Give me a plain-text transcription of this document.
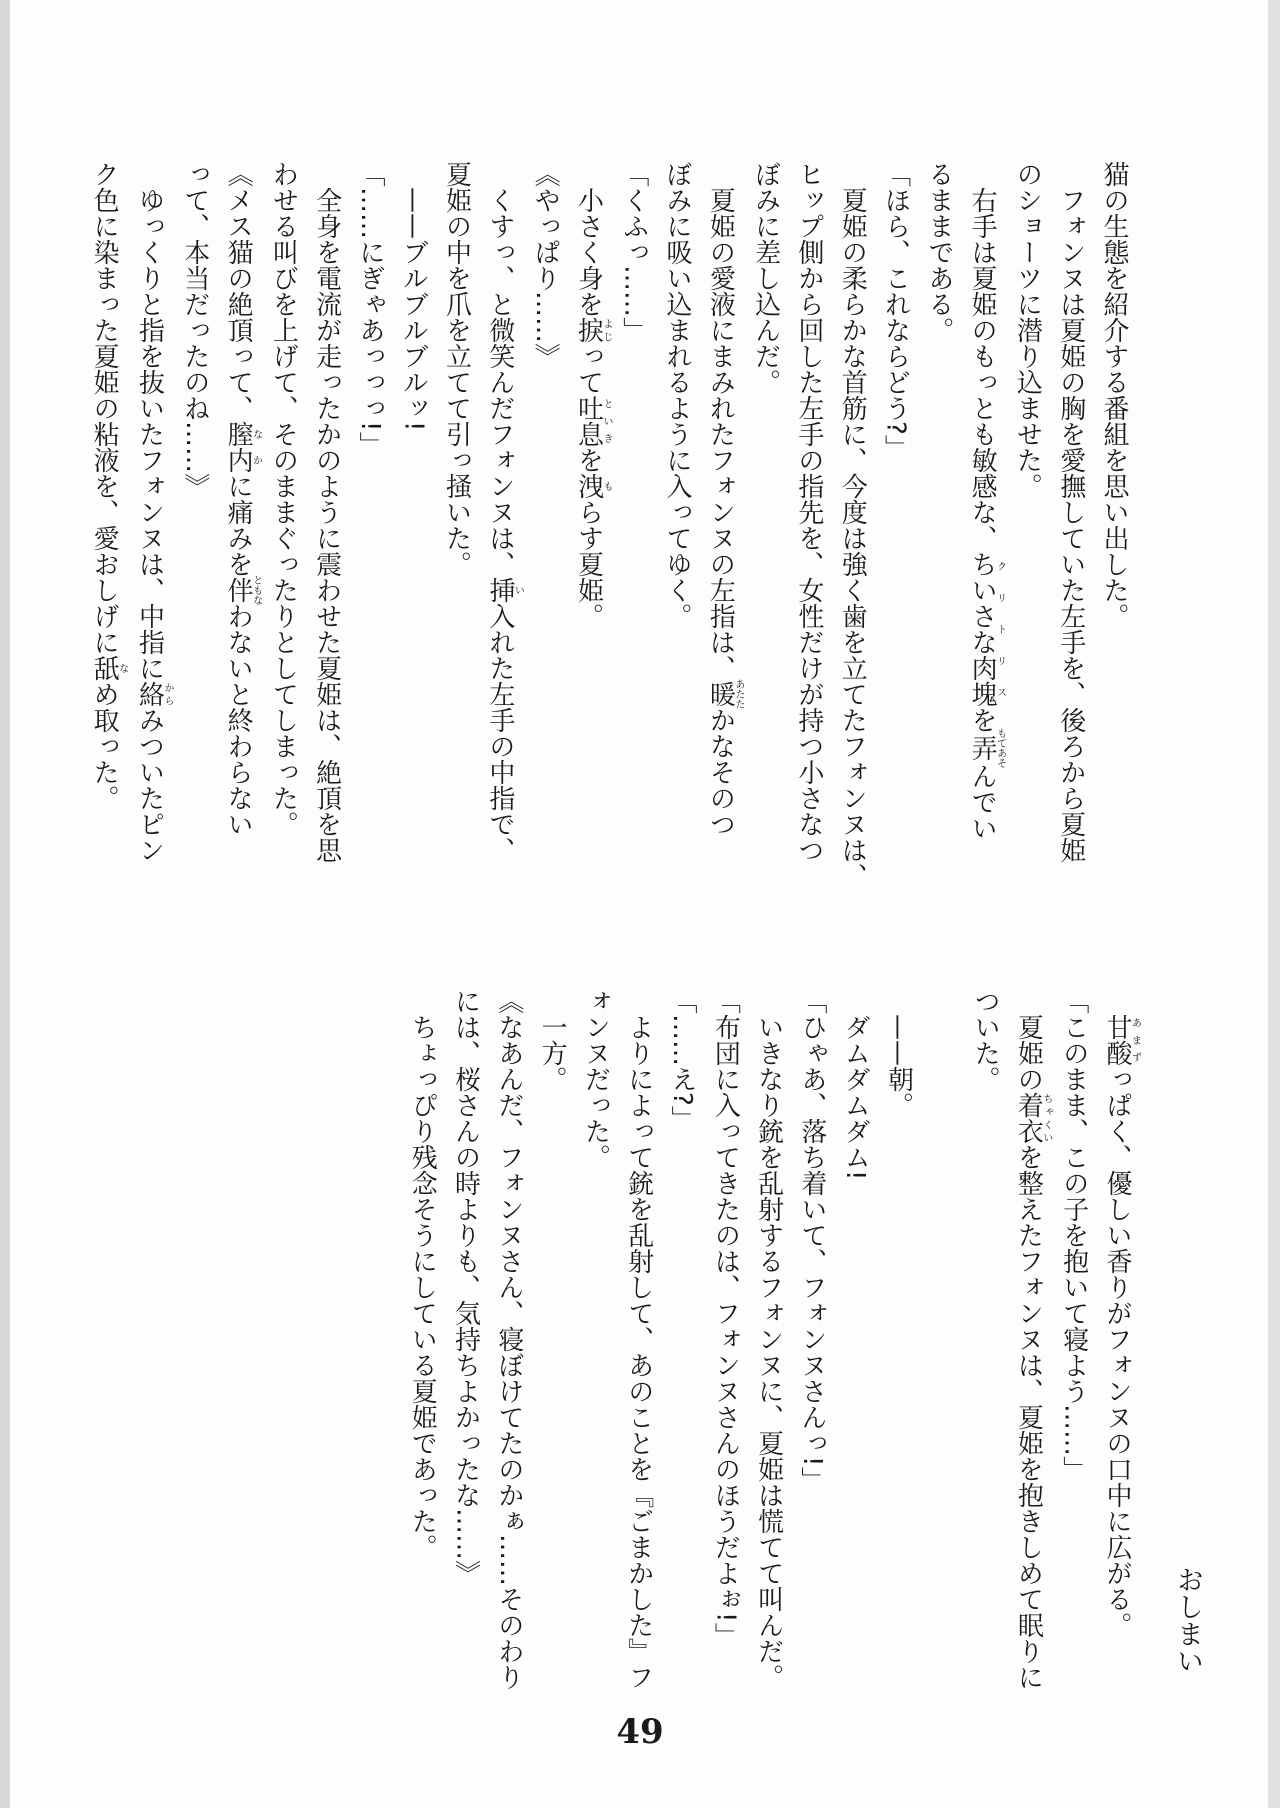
猫の生態を紹介する番組を思い出した。
　フォンヌは夏姫の胸を愛撫していた左手を、後ろから夏姫
のショーツに潜り込ませた。
　右手は夏姫のもっとも敏感な、ちいさな肉塊クリトリスを弄もてあそんでい
るままである。
「ほら、これならどう?」
　夏姫の柔らかな首筋に、今度は強く歯を立てたフォンヌは、
ヒップ側から回した左手の指先を、女性だけが持つ小さなつ
ぼみに差し込んだ。
　夏姫の愛液にまみれたフォンヌの左指は、暖あたたかなそのつ
ぼみに吸い込まれるように入ってゆく。
「くふっ……」
　小さく身を捩よじって吐息といきを洩もらす夏姫。
《やっぱり……》
　くすっ、と微笑んだフォンヌは、挿い入れた左手の中指で、
夏姫の中を爪を立てて引っ掻いた。
　——ブルブルブルッ!
「……にぎゃあっっっ!」
　全身を電流が走ったかのように震わせた夏姫は、絶頂を思
わせる叫びを上げて、そのままぐったりとしてしまった。
《メス猫の絶頂って、膣内なかに痛みを伴ともなわないと終わらない
って、本当だったのね……》
　ゆっくりと指を抜いたフォンヌは、中指に絡からみついたピン
ク色に染まった夏姫の粘液を、愛おしげに舐なめ取った。
　甘酸あまずっぱく、優しい香りがフォンヌの口中に広がる。
「このまま、この子を抱いて寝よう……」
　夏姫の着衣ちゃくいを整えたフォンヌは、夏姫を抱きしめて眠りに
ついた。

　——朝。
　ダムダムダム!
「ひゃあ、落ち着いて、フォンヌさんっ!」
　いきなり銃を乱射するフォンヌに、夏姫は慌てて叫んだ。
「布団に入ってきたのは、フォンヌさんのほうだよぉ!」
「……え?」
　よりによって銃を乱射して、あのことを『ごまかした』フ
ォンヌだった。
　一方。
《なあんだ、フォンヌさん、寝ぼけてたのかぁ……そのわり
には、桜さんの時よりも、気持ちよかったな……》
　ちょっぴり残念そうにしている夏姫であった。
おしまい
49
